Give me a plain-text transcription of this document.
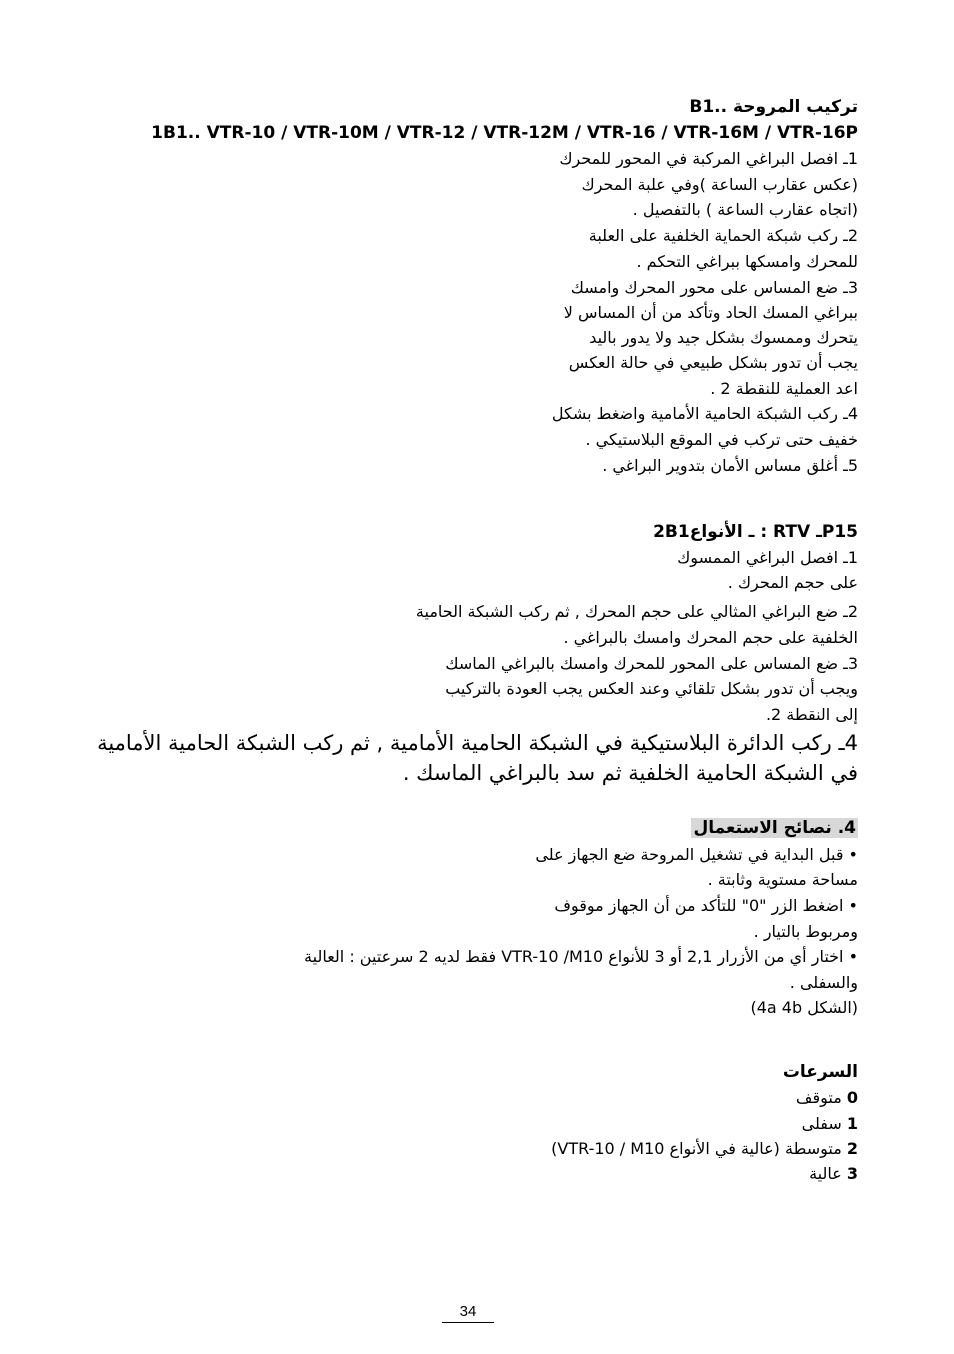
B1.. تركيب المروحة
1B1.. VTR-10 / VTR-10M / VTR-12 / VTR-12M / VTR-16 / VTR-16M / VTR-16P
1ـ افصل البراغي المركبة في المحور للمحرك
(عكس عقارب الساعة )وفي علبة المحرك
(اتجاه عقارب الساعة ) بالتفصيل .
2ـ ركب شبكة الحماية الخلفية على العلبة
للمحرك وامسكها ببراغي التحكم .
3ـ ضع المساس على محور المحرك وامسك
ببراغي المسك الحاد وتأكد من أن المساس لا
يتحرك وممسوك بشكل جيد ولا يدور باليد
يجب أن تدور بشكل طبيعي في حالة العكس
اعد العملية للنقطة 2 .
4ـ ركب الشبكة الحامية الأمامية واضغط بشكل
خفيف حتى تركب في الموقع البلاستيكي .
5ـ أغلق مساس الأمان بتدوير البراغي .
2B1ـ الأنواع : RTV ـP15
1ـ افصل البراغي الممسوك
على حجم المحرك .
2ـ ضع البراغي المثالي على حجم المحرك , ثم ركب الشبكة الحامية
الخلفية على حجم المحرك وامسك بالبراغي .
3ـ ضع المساس على المحور للمحرك وامسك بالبراغي الماسك
ويجب أن تدور بشكل تلقائي وعند العكس يجب العودة بالتركيب
إلى النقطة 2.
4ـ ركب الدائرة البلاستيكية في الشبكة الحامية الأمامية , ثم ركب الشبكة الحامية الأمامية
في الشبكة الحامية الخلفية ثم سد بالبراغي الماسك .
4. نصائح الاستعمال
• قبل البداية في تشغيل المروحة ضع الجهاز على
مساحة مستوية وثابتة .
• اضغط الزر "0" للتأكد من أن الجهاز موقوف
ومربوط بالتيار .
• اختار أي من الأزرار 2,1 أو 3 للأنواع VTR-10 /M10 فقط لديه 2 سرعتين : العالية
والسفلى .
(الشكل 4a 4b)
السرعات
0 متوقف
1 سفلى
2 متوسطة (عالية في الأنواع VTR-10 / M10)
3 عالية
34
